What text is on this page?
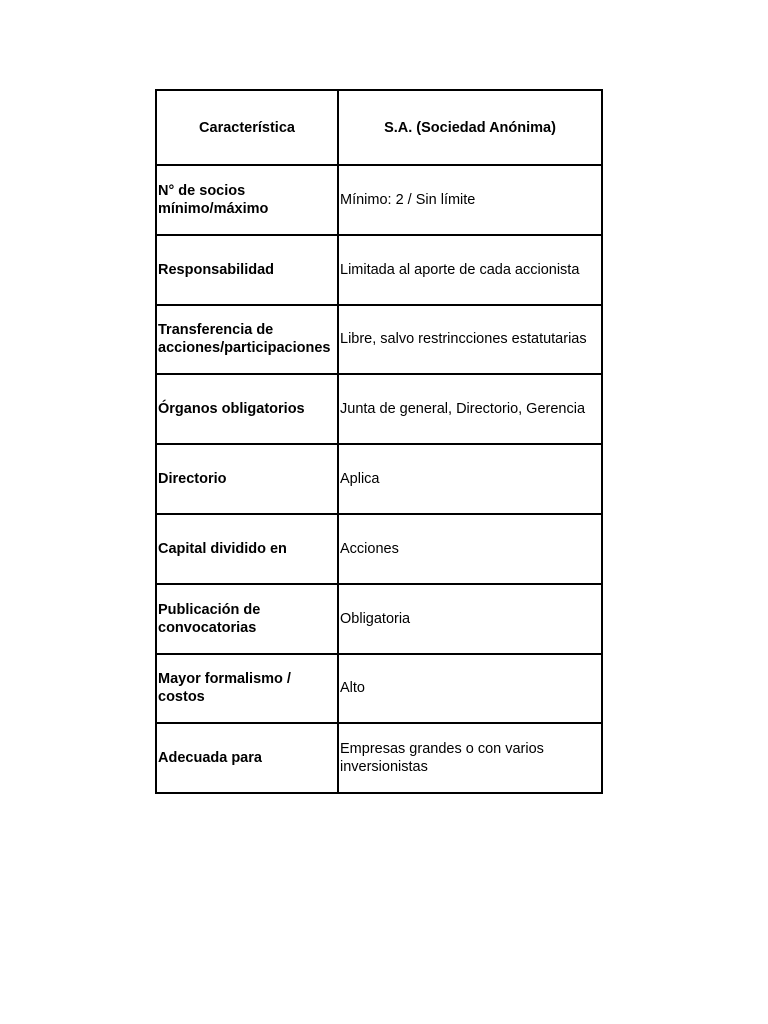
Característica	S.A. (Sociedad Anónima)
N° de socios mínimo/máximo	Mínimo: 2 / Sin límite
Responsabilidad	Limitada al aporte de cada accionista
Transferencia de acciones/participaciones	Libre, salvo restrincciones estatutarias
Órganos obligatorios	Junta de general, Directorio, Gerencia
Directorio	Aplica
Capital dividido en	Acciones
Publicación de convocatorias	Obligatoria
Mayor formalismo / costos	Alto
Adecuada para	Empresas grandes o con varios inversionistas
